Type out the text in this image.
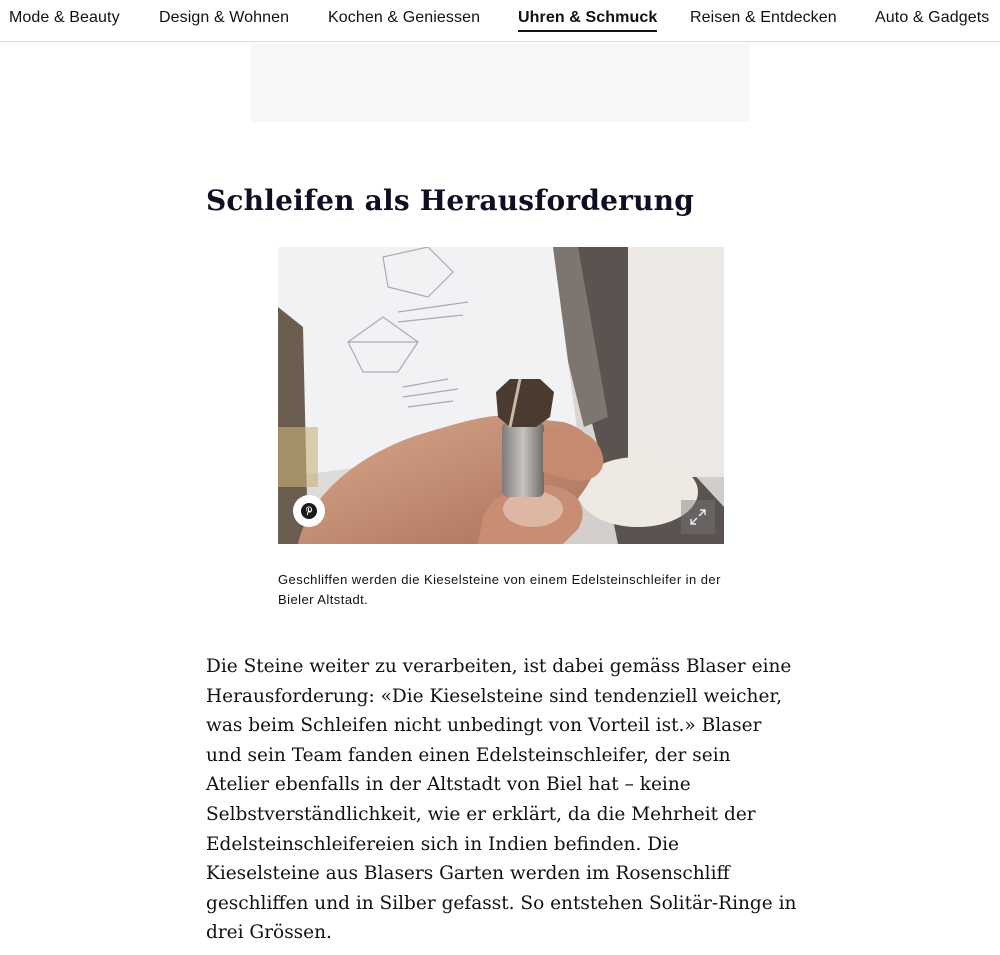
Mode & Beauty Design & Wohnen Kochen & Geniessen Uhren & Schmuck Reisen & Entdecken Auto & Gadgets
Schleifen als Herausforderung

Geschliffen werden die Kieselsteine von einem Edelsteinschleifer in der Bieler Altstadt.

Die Steine weiter zu verarbeiten, ist dabei gemäss Blaser eine Herausforderung: «Die Kieselsteine sind tendenziell weicher, was beim Schleifen nicht unbedingt von Vorteil ist.» Blaser und sein Team fanden einen Edelsteinschleifer, der sein Atelier ebenfalls in der Altstadt von Biel hat – keine Selbstverständlichkeit, wie er erklärt, da die Mehrheit der Edelsteinschleifereien sich in Indien befinden. Die Kieselsteine aus Blasers Garten werden im Rosenschliff geschliffen und in Silber gefasst. So entstehen Solitär-Ringe in drei Grössen.
